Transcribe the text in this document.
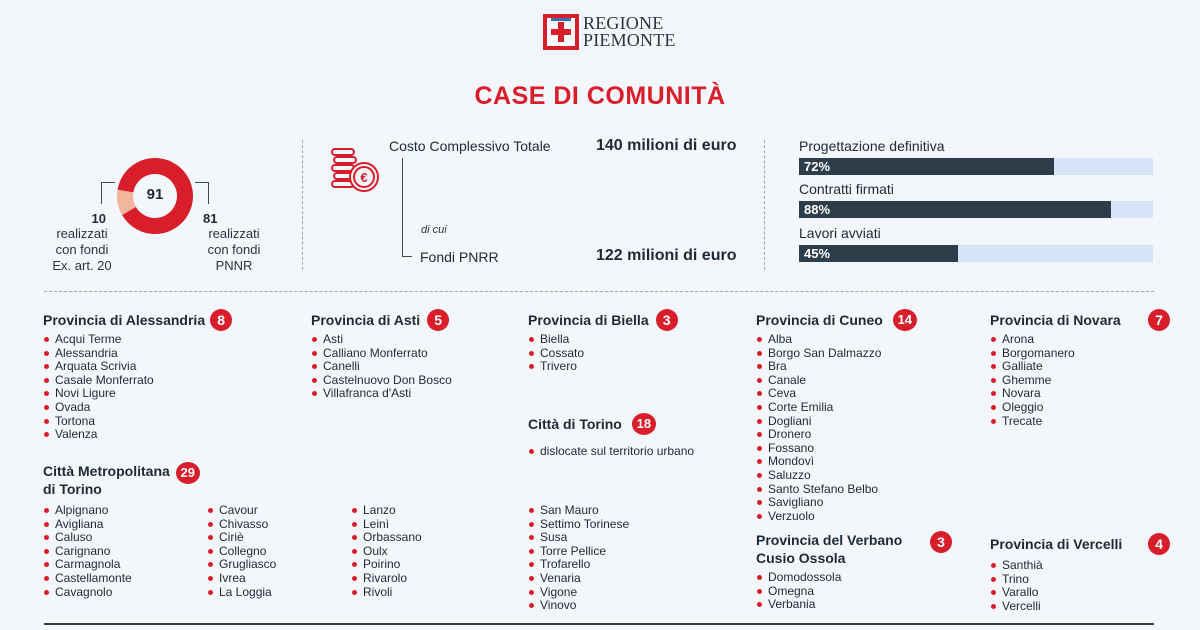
REGIONE
PIEMONTE
CASE DI COMUNITÀ
91
10
realizzati
con fondi
Ex. art. 20
81
realizzati
con fondi
PNNR
€
Costo Complessivo Totale	140 milioni di euro
di cui
Fondi PNRR	122 milioni di euro
Progettazione definitiva
72%
Contratti firmati
88%
Lavori avviati
45%
Provincia di Alessandria 8
Acqui Terme
Alessandria
Arquata Scrivia
Casale Monferrato
Novi Ligure
Ovada
Tortona
Valenza
Provincia di Asti	5
Asti
Calliano Monferrato
Canelli
Castelnuovo Don Bosco
Villafranca d'Asti
Provincia di Biella	3
Biella
Cossato
Trivero
Provincia di Cuneo	14
Alba
Borgo San Dalmazzo
Bra
Canale
Ceva
Corte Emilia
Dogliani
Dronero
Fossano
Mondovì
Saluzzo
Santo Stefano Belbo
Savigliano
Verzuolo
Provincia di Novara	7
Arona
Borgomanero
Galliate
Ghemme
Novara
Oleggio
Trecate
Città di Torino	18
dislocate sul territorio urbano
Città Metropolitana
di Torino
29
Alpignano
Avigliana
Caluso
Carignano
Carmagnola
Castellamonte
Cavagnolo
Cavour
Chivasso
Ciriè
Collegno
Grugliasco
Ivrea
La Loggia
Lanzo
Leinì
Orbassano
Oulx
Poirino
Rivarolo
Rivoli
San Mauro
Settimo Torinese
Susa
Torre Pellice
Trofarello
Venaria
Vigone
Vinovo
Provincia del Verbano
Cusio Ossola
3
Domodossola
Omegna
Verbania
Provincia di Vercelli	4
Santhià
Trino
Varallo
Vercelli
